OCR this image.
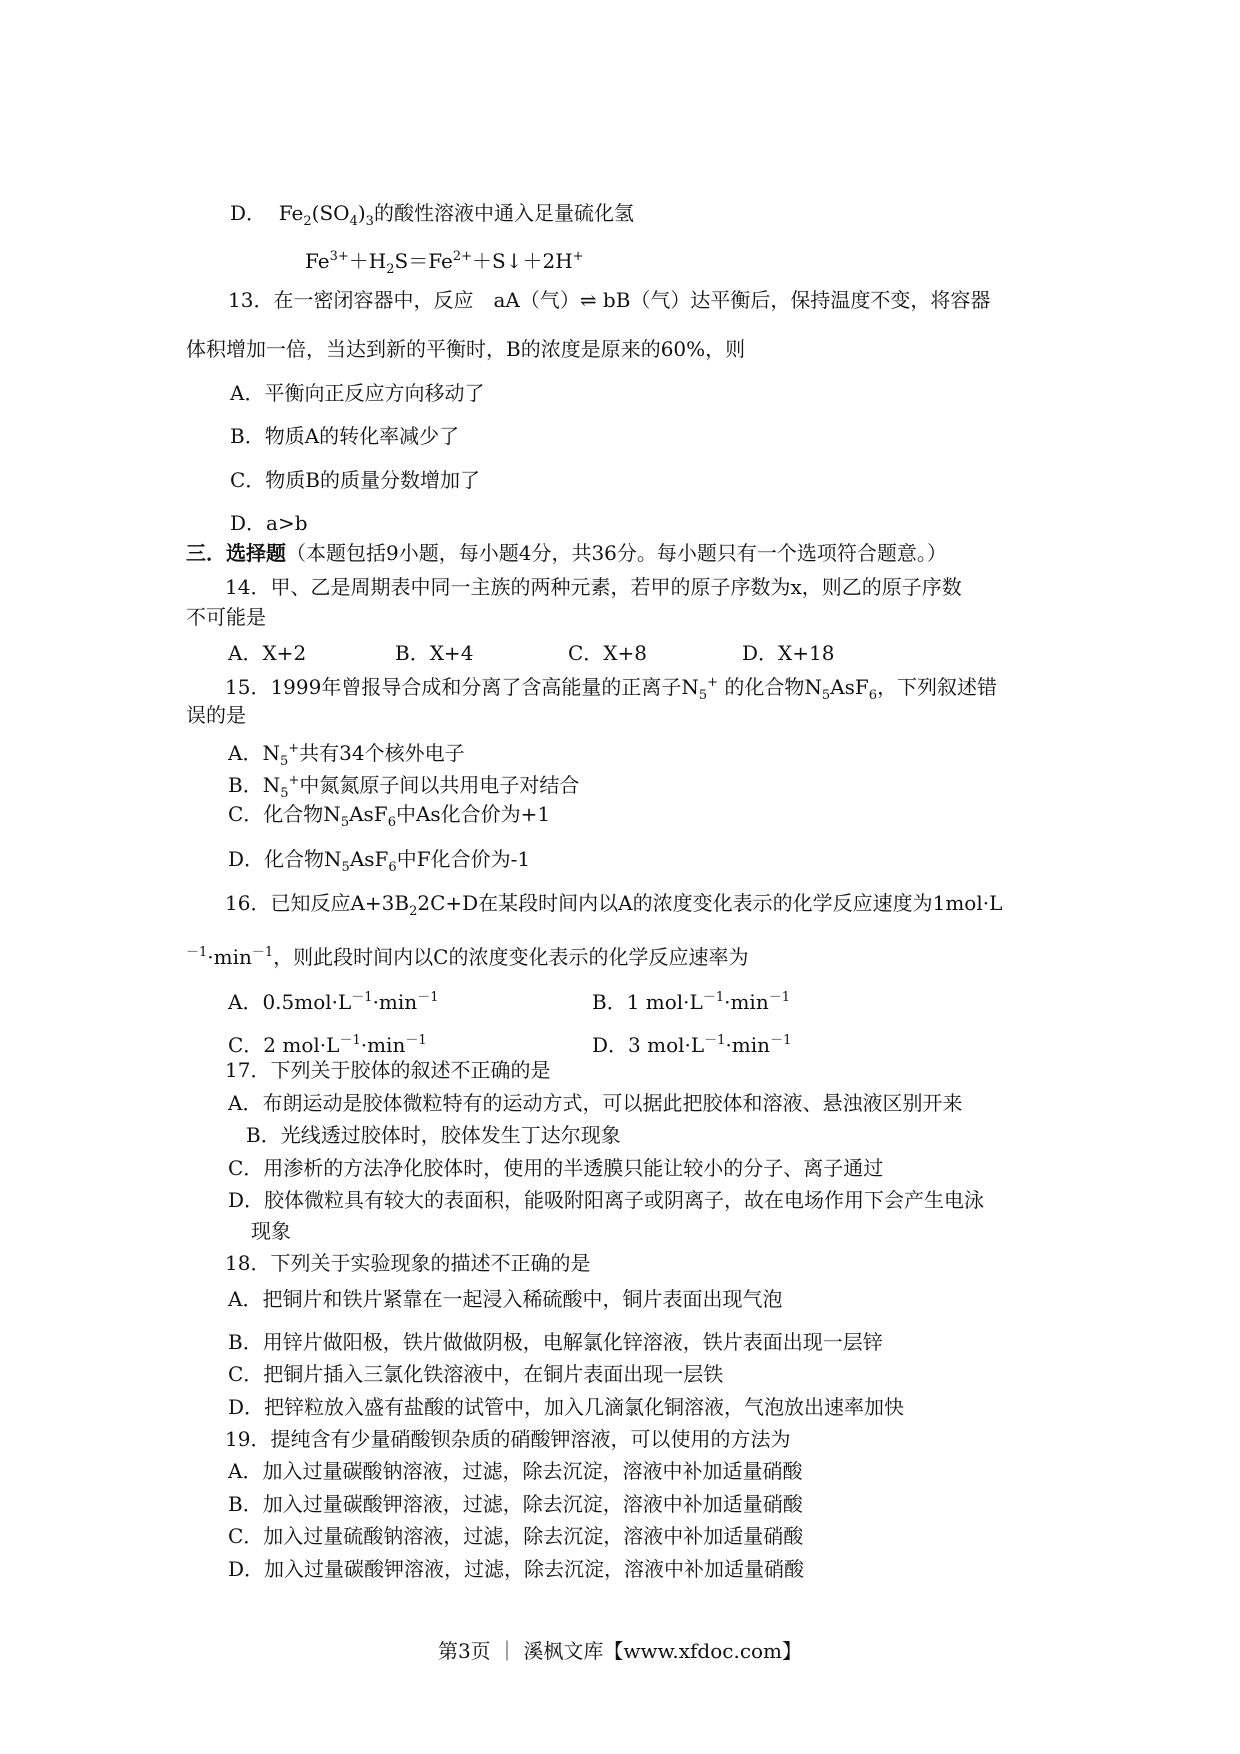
D． $Fe_2(SO_4)_3$的酸性溶液中通入足量硫化氢
$Fe^{3+}+H_2S=Fe^{2+}+S↓+2H^+$
13．在一密闭容器中，反应　aA（气）⇌ bB（气）达平衡后，保持温度不变，将容器
体积增加一倍，当达到新的平衡时，B的浓度是原来的60%，则
A．平衡向正反应方向移动了
B．物质A的转化率减少了
C．物质B的质量分数增加了
D．a>b
三．选择题（本题包括9小题，每小题4分，共36分。每小题只有一个选项符合题意。）
14．甲、乙是周期表中同一主族的两种元素，若甲的原子序数为x，则乙的原子序数
不可能是
A．X+2	B．X+4	C．X+8	D．X+18
15．1999年曾报导合成和分离了含高能量的正离子$N_5^+$ 的化合物$N_5AsF_6$，下列叙述错
误的是
A．$N_5^+$共有34个核外电子
B．$N_5^+$中氮氮原子间以共用电子对结合
C．化合物$N_5AsF_6$中As化合价为+1
D．化合物$N_5AsF_6$中F化合价为-1
16．已知反应$A+3B_22C+D$在某段时间内以A的浓度变化表示的化学反应速度为1mol·L
$^{-1}\cdot\min^{-1}$，则此段时间内以C的浓度变化表示的化学反应速率为
A．$0.5mol\cdot L^{-1}\cdot\min^{-1}$	B．1 $mol\cdot L^{-1}\cdot\min^{-1}$
C．2 $mol\cdot L^{-1}\cdot\min^{-1}$	D．3 $mol\cdot L^{-1}\cdot\min^{-1}$
17．下列关于胶体的叙述不正确的是
A．布朗运动是胶体微粒特有的运动方式，可以据此把胶体和溶液、悬浊液区别开来
B．光线透过胶体时，胶体发生丁达尔现象
C．用渗析的方法净化胶体时，使用的半透膜只能让较小的分子、离子通过
D．胶体微粒具有较大的表面积，能吸附阳离子或阴离子，故在电场作用下会产生电泳
现象
18．下列关于实验现象的描述不正确的是
A．把铜片和铁片紧靠在一起浸入稀硫酸中，铜片表面出现气泡
B．用锌片做阳极，铁片做做阴极，电解氯化锌溶液，铁片表面出现一层锌
C．把铜片插入三氯化铁溶液中，在铜片表面出现一层铁
D．把锌粒放入盛有盐酸的试管中，加入几滴氯化铜溶液，气泡放出速率加快
19．提纯含有少量硝酸钡杂质的硝酸钾溶液，可以使用的方法为
A．加入过量碳酸钠溶液，过滤，除去沉淀，溶液中补加适量硝酸
B．加入过量碳酸钾溶液，过滤，除去沉淀，溶液中补加适量硝酸
C．加入过量硫酸钠溶液，过滤，除去沉淀，溶液中补加适量硝酸
D．加入过量碳酸钾溶液，过滤，除去沉淀，溶液中补加适量硝酸
第3页 ｜ 溪枫文库【www.xfdoc.com】
